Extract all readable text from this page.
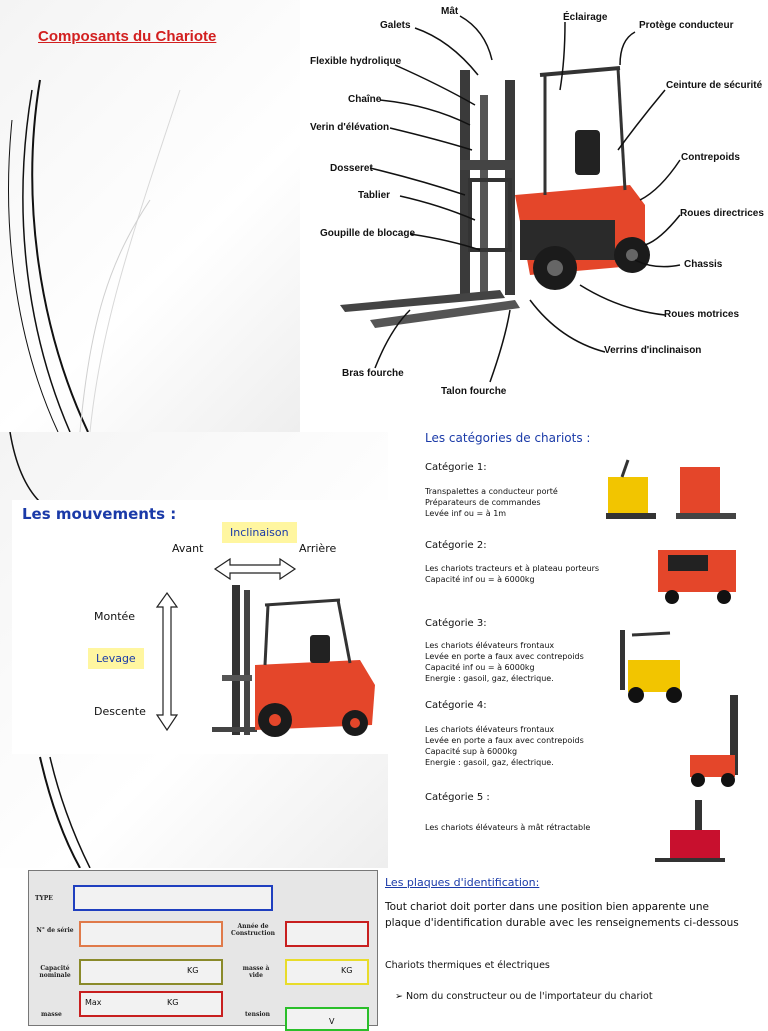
Composants du Chariote
Galets
Mât
Éclairage
Protège conducteur
Flexible hydrolique
Ceinture de sécurité
Chaîne
Verin d'élévation
Contrepoids
Dosseret
Tablier
Roues directrices
Goupille de blocage
Chassis
Roues motrices
Verrins d'inclinaison
Bras fourche
Talon fourche
Les mouvements :
Inclinaison
Avant	Arrière
Montée
Levage
Descente
Les catégories de chariots :
Catégorie 1:
Transpalettes a conducteur porté
Préparateurs de commandes
Levée inf ou = à 1m
Catégorie 2:
Les chariots tracteurs et à plateau porteurs
Capacité inf ou = à 6000kg
Catégorie 3:
Les chariots élévateurs frontaux
Levée en porte a faux avec contrepoids
Capacité inf ou = à 6000kg
Energie : gasoil, gaz, électrique.
Catégorie 4:
Les chariots élévateurs frontaux
Levée en porte a faux avec contrepoids
Capacité sup à 6000kg
Energie : gasoil, gaz, électrique.
Catégorie 5 :
Les chariots élévateurs à mât rétractable
TYPE
N° de série
Année de Construction
Capacité nominale
KG	masse à vide
KG
masse
Max	KG
tension
V
Les plaques d'identification:
Tout chariot doit porter dans une position bien apparente une plaque d'identification durable avec les renseignements ci-dessous
Chariots thermiques et électriques
➢ Nom du constructeur ou de l'importateur du chariot
